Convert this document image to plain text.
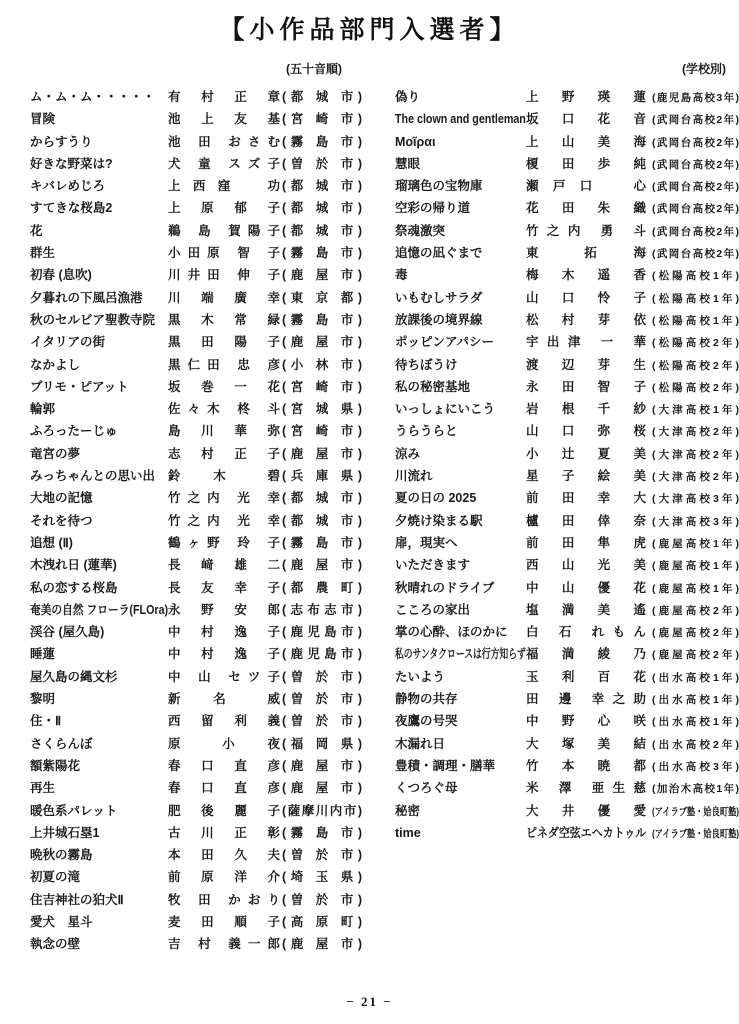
【小作品部門入選者】
(五十音順)	(学校別)
ム・ム・ム・・・・・	有 村 正 章 (都 城 市)
冒険	池 上 友 基 (宮 崎 市)
からすうり	池 田 おさむ (霧 島 市)
好きな野菜は?	犬 童 スズ子 (曽 於 市)
キバレめじろ	上西窪　功 (都 城 市)
すてきな桜島2	上 原 郁 子 (都 城 市)
花	鵜 島 賀陽子 (都 城 市)
群生	小田原 智 子 (霧 島 市)
初春 (息吹)	川井田 伸 子 (鹿 屋 市)
夕暮れの下風呂漁港	川 端 廣 幸 (東 京 都)
秋のセルビア聖教寺院	黒 木 常 緑 (霧 島 市)
イタリアの街	黒 田 陽 子 (鹿 屋 市)
なかよし	黒仁田 忠 彦 (小 林 市)
プリモ・ピアット	坂 巻 一 花 (宮 崎 市)
輪郭	佐々木 柊 斗 (宮 城 県)
ふろったーじゅ	島 川 華 弥 (宮 崎 市)
竜宮の夢	志 村 正 子 (鹿 屋 市)
みっちゃんとの思い出	鈴 木　碧 (兵 庫 県)
大地の記憶	竹之内 光 幸 (都 城 市)
それを待つ	竹之内 光 幸 (都 城 市)
追想 (Ⅱ)	鶴ヶ野 玲 子 (霧 島 市)
木洩れ日 (蓮華)	長 﨑 雄 二 (鹿 屋 市)
私の恋する桜島	長 友 幸 子 (都 農 町)
奄美の自然 フローラ(FLOra) 永 野 安 郎 (志布志市)
渓谷 (屋久島)	中 村 逸 子 (鹿児島市)
睡蓮	中 村 逸 子 (鹿児島市)
屋久島の縄文杉	中 山 セツ子 (曽 於 市)
黎明	新 名　威 (曽 於 市)
住・Ⅱ	西 留 利 義 (曽 於 市)
さくらんぼ	原　小 夜 (福 岡 県)
額紫陽花	春 口 直 彦 (鹿 屋 市)
再生	春 口 直 彦 (鹿 屋 市)
暖色系パレット	肥 後 麗 子 (薩摩川内市)
上井城石塁1	古 川 正 彰 (霧 島 市)
晩秋の霧島	本 田 久 夫 (曽 於 市)
初夏の滝	前 原 洋 介 (埼 玉 県)
住吉神社の狛犬Ⅱ	牧 田 かおり (曽 於 市)
愛犬　星斗	麦 田 順 子 (高 原 町)
執念の壁	吉 村 義一郎 (鹿 屋 市)
偽り	上 野 瑛 蓮 (鹿児島高校3年)
The clown and gentleman 坂 口 花 音 (武岡台高校2年)
Μοῖραι	上 山 美 海 (武岡台高校2年)
慧眼	榎 田 歩 純 (武岡台高校2年)
瑠璃色の宝物庫	瀬戸口　心 (武岡台高校2年)
空彩の帰り道	花 田 朱 織 (武岡台高校2年)
祭魂激突	竹之内 勇 斗 (武岡台高校2年)
追憶の凪ぐまで	東　拓 海 (武岡台高校2年)
毒	梅 木 遥 香 (松陽高校1年)
いもむしサラダ	山 口 怜 子 (松陽高校1年)
放課後の境界線	松 村 芽 依 (松陽高校1年)
ポッピンアパシー	宇出津 一 華 (松陽高校2年)
待ちぼうけ	渡 辺 芽 生 (松陽高校2年)
私の秘密基地	永 田 智 子 (松陽高校2年)
いっしょにいこう	岩 根 千 紗 (大津高校1年)
うらうらと	山 口 弥 桜 (大津高校2年)
涼み	小 辻 夏 美 (大津高校2年)
川流れ	星 子 絵 美 (大津高校2年)
夏の日の 2025	前 田 幸 大 (大津高校3年)
夕焼け染まる駅	櫨 田 倖 奈 (大津高校3年)
扉，現実へ	前 田 隼 虎 (鹿屋高校1年)
いただきます	西 山 光 美 (鹿屋高校1年)
秋晴れのドライブ	中 山 優 花 (鹿屋高校1年)
こころの家出	塩 満 美 遙 (鹿屋高校2年)
掌の心酔、ほのかに	白 石 れもん (鹿屋高校2年)
私のサンタクロースは行方知らず 福 満 綾 乃 (鹿屋高校2年)
たいよう	玉 利 百 花 (出水高校1年)
静物の共存	田 邊 幸之助 (出水高校1年)
夜鷹の号哭	中 野 心 咲 (出水高校1年)
木漏れ日	大 塚 美 結 (出水高校2年)
豊積・調理・膳華	竹 本 暁 都 (出水高校3年)
くつろぐ母	米 澤 亜生慈 (加治木高校1年)
秘密	大 井 優 愛 (アイラブ塾・姶良町塾)
time	ピネダ空弦エヘカトゥル (アイラブ塾・姶良町塾)
− 21 −
